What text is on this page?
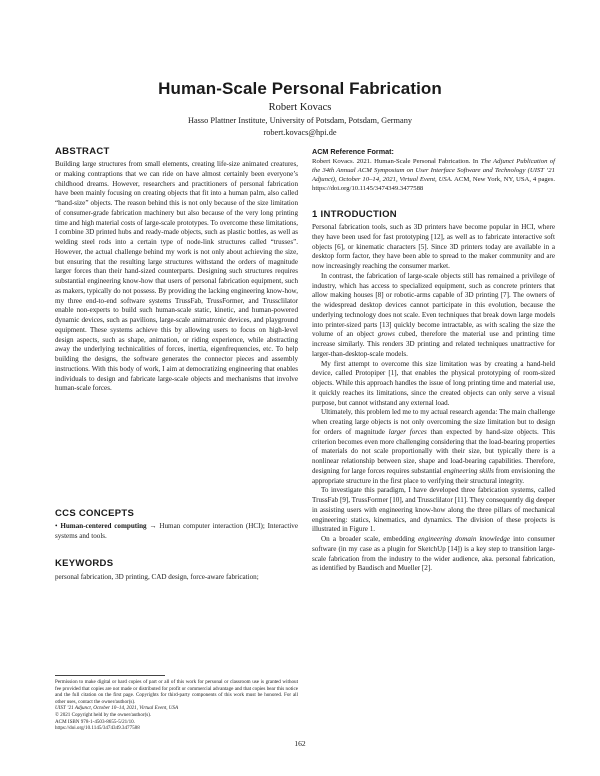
Human-Scale Personal Fabrication
Robert Kovacs
Hasso Plattner Institute, University of Potsdam, Potsdam, Germany
robert.kovacs@hpi.de
ABSTRACT

Building large structures from small elements, creating life-size animated creatures, or making contraptions that we can ride on have almost certainly been everyone’s childhood dreams. However, researchers and practitioners of personal fabrication have been mainly focusing on creating objects that fit into a human palm, also called “hand-size” objects. The reason behind this is not only because of the size limitation of consumer-grade fabrication machinery but also because of the very long printing time and high material costs of large-scale prototypes. To overcome these limitations, I combine 3D printed hubs and ready-made objects, such as plastic bottles, as well as welding steel rods into a certain type of node-link structures called “trusses”. However, the actual challenge behind my work is not only about achieving the size, but ensuring that the resulting large structures withstand the orders of magnitude larger forces than their hand-sized counterparts. Designing such structures requires substantial engineering know-how that users of personal fabrication equipment, such as makers, typically do not possess. By providing the lacking engineering know-how, my three end-to-end software systems TrussFab, TrussFormer, and Trussclilator enable non-experts to build such human-scale static, kinetic, and human-powered dynamic devices, such as pavilions, large-scale animatronic devices, and playground equipment. These systems achieve this by allowing users to focus on high-level design aspects, such as shape, animation, or riding experience, while abstracting away the underlying technicalities of forces, inertia, eigenfrequencies, etc. To help building the designs, the software generates the connector pieces and assembly instructions. With this body of work, I aim at democratizing engineering that enables individuals to design and fabricate large-scale objects and mechanisms that involve human-scale forces.

CCS CONCEPTS

• Human-centered computing → Human computer interaction (HCI); Interactive systems and tools.

KEYWORDS

personal fabrication, 3D printing, CAD design, force-aware fabrication;

Permission to make digital or hard copies of part or all of this work for personal or classroom use is granted without fee provided that copies are not made or distributed for profit or commercial advantage and that copies bear this notice and the full citation on the first page. Copyrights for third-party components of this work must be honored. For all other uses, contact the owner/author(s).

UIST ’21 Adjunct, October 10–14, 2021, Virtual Event, USA

© 2021 Copyright held by the owner/author(s).

ACM ISBN 978-1-4503-8655-5/21/10.

https://doi.org/10.1145/3474349.3477588

ACM Reference Format:

Robert Kovacs. 2021. Human-Scale Personal Fabrication. In The Adjunct Publication of the 34th Annual ACM Symposium on User Interface Software and Technology (UIST ’21 Adjunct), October 10–14, 2021, Virtual Event, USA. ACM, New York, NY, USA, 4 pages. https://doi.org/10.1145/3474349.3477588

1 INTRODUCTION

Personal fabrication tools, such as 3D printers have become popular in HCI, where they have been used for fast prototyping [12], as well as to fabricate interactive soft objects [6], or kinematic characters [5]. Since 3D printers today are available in a desktop form factor, they have been able to spread to the maker community and are now increasingly reaching the consumer market.

In contrast, the fabrication of large-scale objects still has remained a privilege of industry, which has access to specialized equipment, such as concrete printers that allow making houses [8] or robotic-arms capable of 3D printing [7]. The owners of the widespread desktop devices cannot participate in this evolution, because the underlying technology does not scale. Even techniques that break down large models into printer-sized parts [13] quickly become intractable, as with scaling the size the volume of an object grows cubed, therefore the material use and printing time increase similarly. This renders 3D printing and related techniques unattractive for larger-than-desktop-scale models.

My first attempt to overcome this size limitation was by creating a hand-held device, called Protopiper [1], that enables the physical prototyping of room-sized objects. While this approach handles the issue of long printing time and material use, it quickly reaches its limitations, since the created objects can only serve a visual purpose, but cannot withstand any external load.

Ultimately, this problem led me to my actual research agenda: The main challenge when creating large objects is not only overcoming the size limitation but to design for orders of magnitude larger forces than expected by hand-size objects. This criterion becomes even more challenging considering that the load-bearing properties of materials do not scale proportionally with their size, but typically there is a nonlinear relationship between size, shape and load-bearing capabilities. Therefore, designing for large forces requires substantial engineering skills from envisioning the appropriate structure in the first place to verifying their structural integrity.

To investigate this paradigm, I have developed three fabrication systems, called TrussFab [9], TrussFormer [10], and Trussclilator [11]. They consequently dig deeper in assisting users with engineering know-how along the three pillars of mechanical engineering: statics, kinematics, and dynamics. The division of these projects is illustrated in Figure 1.

On a broader scale, embedding engineering domain knowledge into consumer software (in my case as a plugin for SketchUp [14]) is a key step to transition large-scale fabrication from the industry to the wider audience, aka. personal fabrication, as identified by Baudisch and Mueller [2].

162
